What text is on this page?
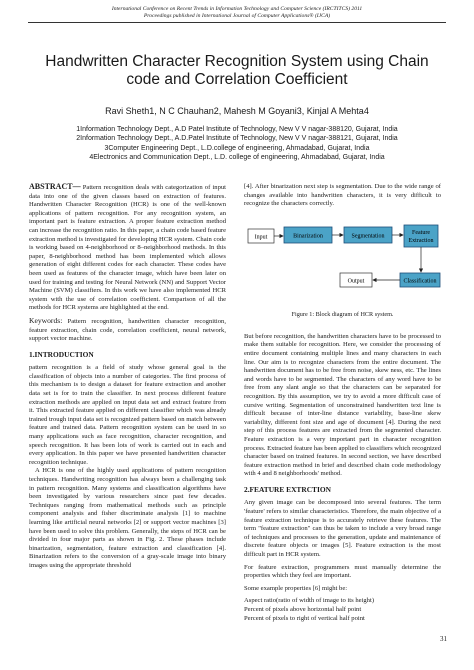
International Conference on Recent Trends in Information Technology and Computer Science (IRCTITCS) 2011
Proceedings published in International Journal of Computer Applications® (IJCA)
Handwritten Character Recognition System using Chain
code and Correlation Coefficient
Ravi Sheth1, N C Chauhan2, Mahesh M Goyani3, Kinjal A Mehta4
1Information Technology Dept., A.D Patel Institute of Technology, New V V nagar-388120, Gujarat, India
2Information Technology Dept., A.D.Patel Institute of Technology, New V V nagar-388121, Gujarat, India
3Computer Engineering Dept., L.D.college of engineering, Ahmadabad, Gujarat, India
4Electronics and Communication Dept., L.D. college of engineering, Ahmadabad, Gujarat, India

ABSTRACT— Pattern recognition deals with categorization of input data into one of the given classes based on extraction of features. Handwritten Character Recognition (HCR) is one of the well-known applications of pattern recognition. For any recognition system, an important part is feature extraction. A proper feature extraction method can increase the recognition ratio. In this paper, a chain code based feature extraction method is investigated for developing HCR system. Chain code is working based on 4-neighborhood or 8–neighborhood methods. In this paper, 8-neighborhood method has been implemented which allows generation of eight different codes for each character. These codes have been used as features of the character image, which have been later on used for training and testing for Neural Network (NN) and Support Vector Machine (SVM) classifiers. In this work we have also implemented HCR system with the use of correlation coefficient. Comparison of all the methods for HCR systems are highlighted at the end.

Keywords: Pattern recognition, handwritten character recognition, feature extraction, chain code, correlation coefficient, neural network, support vector machine.

1.INTRODUCTION

pattern recognition is a field of study whose general goal is the classification of objects into a number of categories. The first process of this mechanism is to design a dataset for feature extraction and another data set is for to train the classifier. In next process different feature extraction methods are applied on input data set and extract feature from it. This extracted feature applied on different classifier which was already trained trough input data set is recognized pattern based on match between feature and trained data. Pattern recognition system can be used in so many applications such as face recognition, character recognition, and speech recognition. It has been lots of work is carried out in each and every application. In this paper we have presented handwritten character recognition technique.

A HCR is one of the highly used applications of pattern recognition techniques. Handwriting recognition has always been a challenging task in pattern recognition. Many systems and classification algorithms have been investigated by various researchers since past few decades. Techniques ranging from mathematical methods such as principle component analysis and fisher discriminate analysis [1] to machine learning like artificial neural networks [2] or support vector machines [3] have been used to solve this problem. Generally, the steps of HCR can be divided in four major parts as shown in Fig. 2. These phases include binarization, segmentation, feature extraction and classification [4]. Binarization refers to the conversion of a gray-scale image into binary images using the appropriate threshold

[4]. After binarization next step is segmentation. Due to the wide range of changes available into handwritten characters, it is very difficult to recognize the characters correctly.

Input	Binarization	Segmentation
Feature
Extraction
Output	Classification
Figure 1: Block diagram of HCR system.

But before recognition, the handwritten characters have to be processed to make them suitable for recognition. Here, we consider the processing of entire document containing multiple lines and many characters in each line. Our aim is to recognize characters from the entire document. The handwritten document has to be free from noise, skew ness, etc. The lines and words have to be segmented. The characters of any word have to be free from any slant angle so that the characters can be separated for recognition. By this assumption, we try to avoid a more difficult case of cursive writing. Segmentation of unconstrained handwritten text line is difficult because of inter-line distance variability, base-line skew variability, different font size and age of document [4]. During the next step of this process features are extracted from the segmented character. Feature extraction is a very important part in character recognition process. Extracted feature has been applied to classifiers which recognized character based on trained features. In second section, we have described feature extraction method in brief and described chain code methodology with 4 and 8 neighborhoods' method.

2.FEATURE EXTRCTION

Any given image can be decomposed into several features. The term 'feature' refers to similar characteristics. Therefore, the main objective of a feature extraction technique is to accurately retrieve these features. The term "feature extraction" can thus be taken to include a very broad range of techniques and processes to the generation, update and maintenance of discrete feature objects or images [5]. Feature extraction is the most difficult part in HCR system.

For feature extraction, programmers must manually determine the properties which they feel are important.

Some example properties [6] might be:

Aspect ratio(ratio of width of image to its height)

Percent of pixels above horizontal half point

Percent of pixels to right of vertical half point

31
